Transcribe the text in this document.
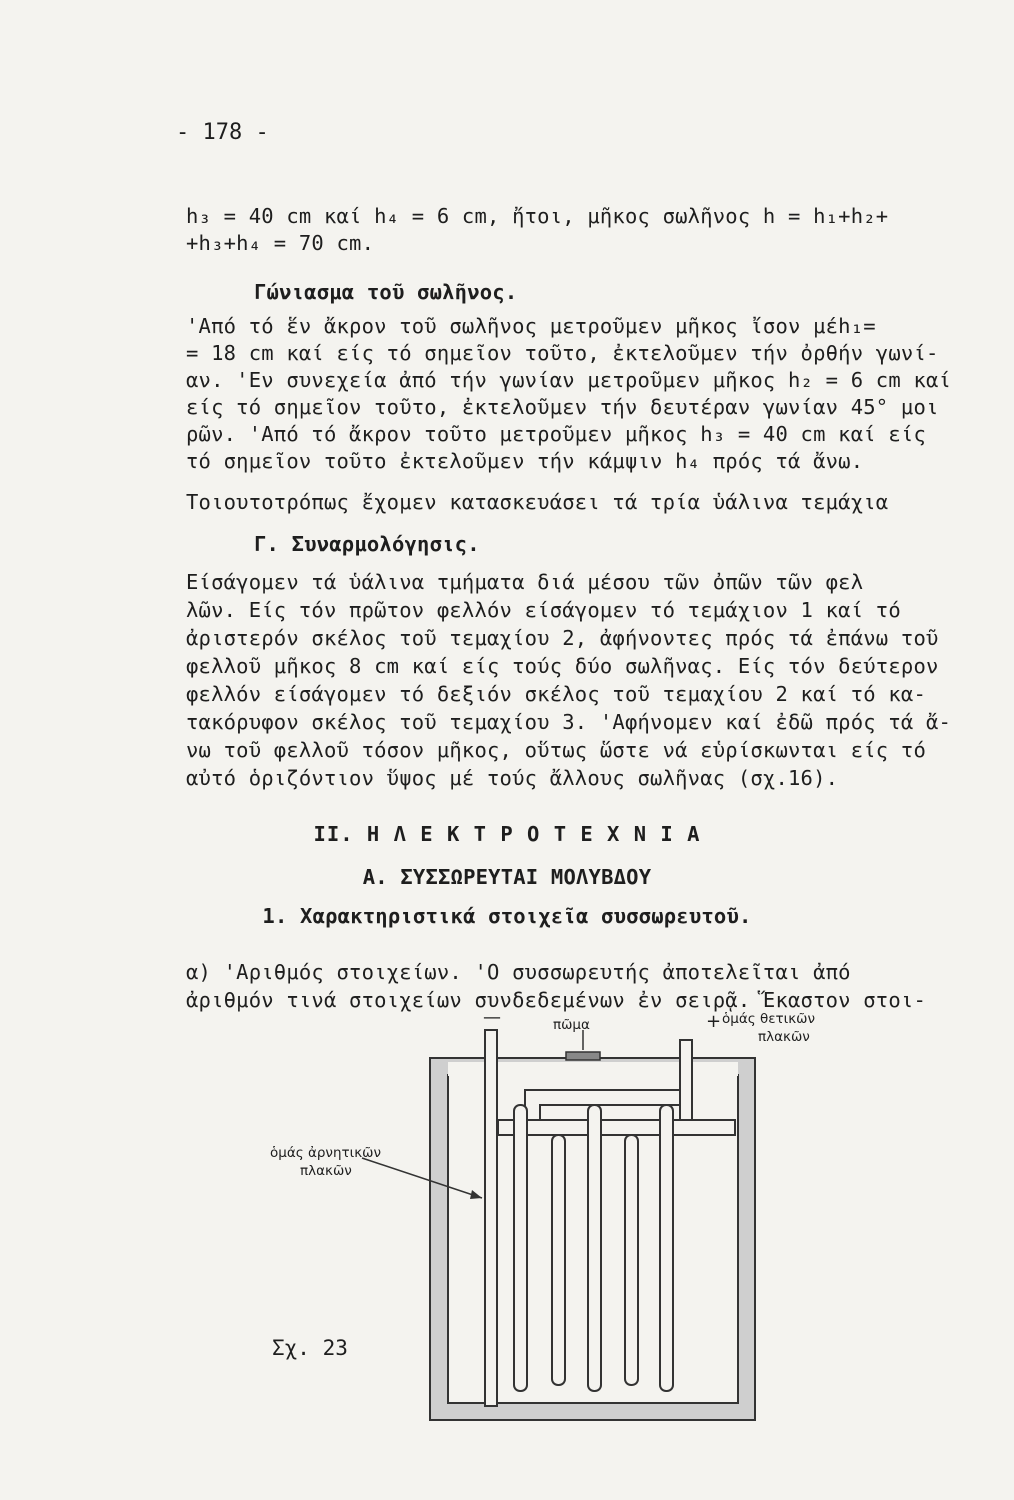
- 178 -
h₃ = 40 cm καί h₄ = 6 cm, ἤτοι, μῆκος σωλῆνος h = h₁+h₂+
+h₃+h₄ = 70 cm.
Γώνιασμα τοῦ σωλῆνος.
'Από τό ἕν ἄκρον τοῦ σωλῆνος μετροῦμεν μῆκος ἴσον μέh₁=
= 18 cm καί είς τό σημεῖον τοῦτο, ἐκτελοῦμεν τήν ὀρθήν γωνί-
αν. 'Εν συνεχεία ἀπό τήν γωνίαν μετροῦμεν μῆκος h₂ = 6 cm καί
είς τό σημεῖον τοῦτο, ἐκτελοῦμεν τήν δευτέραν γωνίαν 45° μοι
ρῶν. 'Από τό ἄκρον τοῦτο μετροῦμεν μῆκος h₃ = 40 cm καί είς
τό σημεῖον τοῦτο ἐκτελοῦμεν τήν κάμψιν h₄ πρός τά ἄνω.
Τοιουτοτρόπως ἔχομεν κατασκευάσει τά τρία ὑάλινα τεμάχια
Γ. Συναρμολόγησις.
Είσάγομεν τά ὑάλινα τμήματα διά μέσου τῶν ὀπῶν τῶν φελ
λῶν. Είς τόν πρῶτον φελλόν είσάγομεν τό τεμάχιον 1 καί τό
ἀριστερόν σκέλος τοῦ τεμαχίου 2, ἀφήνοντες πρός τά ἐπάνω τοῦ
φελλοῦ μῆκος 8 cm καί είς τούς δύο σωλῆνας. Είς τόν δεύτερον
φελλόν είσάγομεν τό δεξιόν σκέλος τοῦ τεμαχίου 2 καί τό κα-
τακόρυφον σκέλος τοῦ τεμαχίου 3. 'Αφήνομεν καί ἐδῶ πρός τά ἄ-
νω τοῦ φελλοῦ τόσον μῆκος, οὕτως ὥστε νά εὑρίσκωνται είς τό
αὐτό ὁριζόντιον ὕψος μέ τούς ἄλλους σωλῆνας (σχ.16).
II. Η Λ Ε Κ Τ Ρ Ο Τ Ε Χ Ν Ι Α
Α. ΣΥΣΣΩΡΕΥΤΑΙ ΜΟΛΥΒΔΟΥ
1. Χαρακτηριστικά στοιχεῖα συσσωρευτοῦ.
α) 'Αριθμός στοιχείων. 'Ο συσσωρευτής ἀποτελεῖται ἀπό
ἀριθμόν τινά στοιχείων συνδεδεμένων ἐν σειρᾷ. Ἕκαστον στοι-
—	πῶμα	+ ὁμάς θετικῶν
πλακῶν
ὁμάς ἀρνητικῶν
πλακῶν
Σχ. 23
